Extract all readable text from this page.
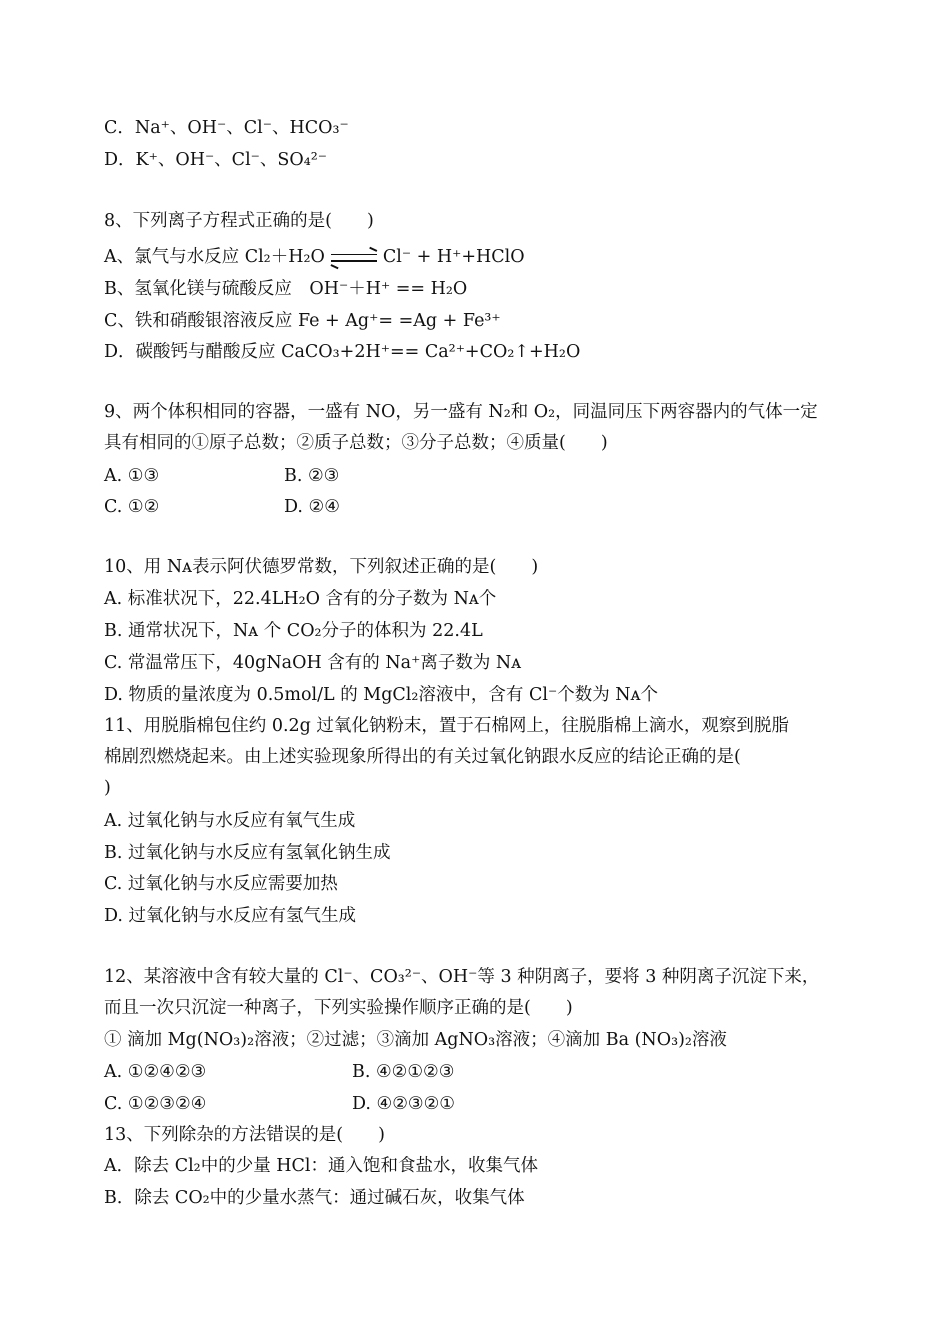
C．Na⁺、OH⁻、Cl⁻、HCO₃⁻
D．K⁺、OH⁻、Cl⁻、SO₄²⁻
8、下列离子方程式正确的是(　　)
A、氯气与水反应 Cl₂＋H₂O	Cl⁻ + H⁺+HClO
B、氢氧化镁与硫酸反应　OH⁻＋H⁺ == H₂O
C、铁和硝酸银溶液反应 Fe + Ag⁺= =Ag + Fe³⁺
D．碳酸钙与醋酸反应 CaCO₃+2H⁺== Ca²⁺+CO₂↑+H₂O
9、两个体积相同的容器，一盛有 NO，另一盛有 N₂和 O₂，同温同压下两容器内的气体一定
具有相同的①原子总数；②质子总数；③分子总数；④质量(　　)
A. ①③	B. ②③
C. ①②	D. ②④
10、用 Nᴀ表示阿伏德罗常数，下列叙述正确的是(　　)
A. 标准状况下，22.4LH₂O 含有的分子数为 Nᴀ个
B. 通常状况下，Nᴀ 个 CO₂分子的体积为 22.4L
C. 常温常压下，40gNaOH 含有的 Na⁺离子数为 Nᴀ
D. 物质的量浓度为 0.5mol/L 的 MgCl₂溶液中，含有 Cl⁻个数为 Nᴀ个
11、用脱脂棉包住约 0.2g 过氧化钠粉末，置于石棉网上，往脱脂棉上滴水，观察到脱脂
棉剧烈燃烧起来。由上述实验现象所得出的有关过氧化钠跟水反应的结论正确的是(
)
A. 过氧化钠与水反应有氧气生成
B. 过氧化钠与水反应有氢氧化钠生成
C. 过氧化钠与水反应需要加热
D. 过氧化钠与水反应有氢气生成
12、某溶液中含有较大量的 Cl⁻、CO₃²⁻、OH⁻等 3 种阴离子，要将 3 种阴离子沉淀下来，
而且一次只沉淀一种离子，下列实验操作顺序正确的是(　　)
① 滴加 Mg(NO₃)₂溶液；②过滤；③滴加 AgNO₃溶液；④滴加 Ba (NO₃)₂溶液
A. ①②④②③	B. ④②①②③
C. ①②③②④	D. ④②③②①
13、下列除杂的方法错误的是(　　)
A．除去 Cl₂中的少量 HCl：通入饱和食盐水，收集气体
B．除去 CO₂中的少量水蒸气：通过碱石灰，收集气体
